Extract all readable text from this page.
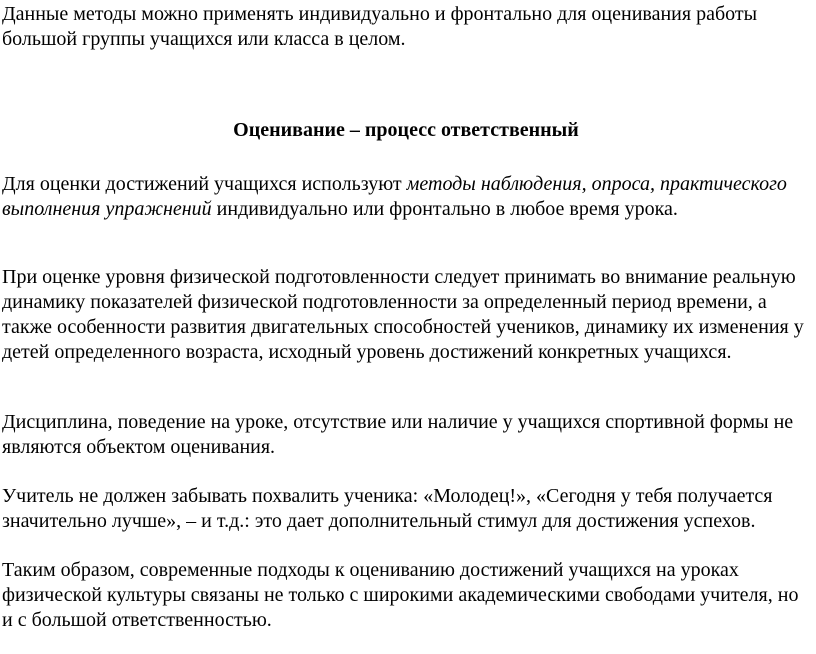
Данные методы можно применять индивидуально и фронтально для оценивания работы большой группы учащихся или класса в целом.

Оценивание – процесс ответственный

Для оценки достижений учащихся используют методы наблюдения, опроса, практического выполнения упражнений индивидуально или фронтально в любое время урока.

При оценке уровня физической подготовленности следует принимать во внимание реальную динамику показателей физической подготовленности за определенный период времени, а также особенности развития двигательных способностей учеников, динамику их изменения у детей определенного возраста, исходный уровень достижений конкретных учащихся.

Дисциплина, поведение на уроке, отсутствие или наличие у учащихся спортивной формы не являются объектом оценивания.

Учитель не должен забывать похвалить ученика: «Молодец!», «Сегодня у тебя получается значительно лучше», – и т.д.: это дает дополнительный стимул для достижения успехов.

Таким образом, современные подходы к оцениванию достижений учащихся на уроках физической культуры связаны не только с широкими академическими свободами учителя, но и с большой ответственностью.
